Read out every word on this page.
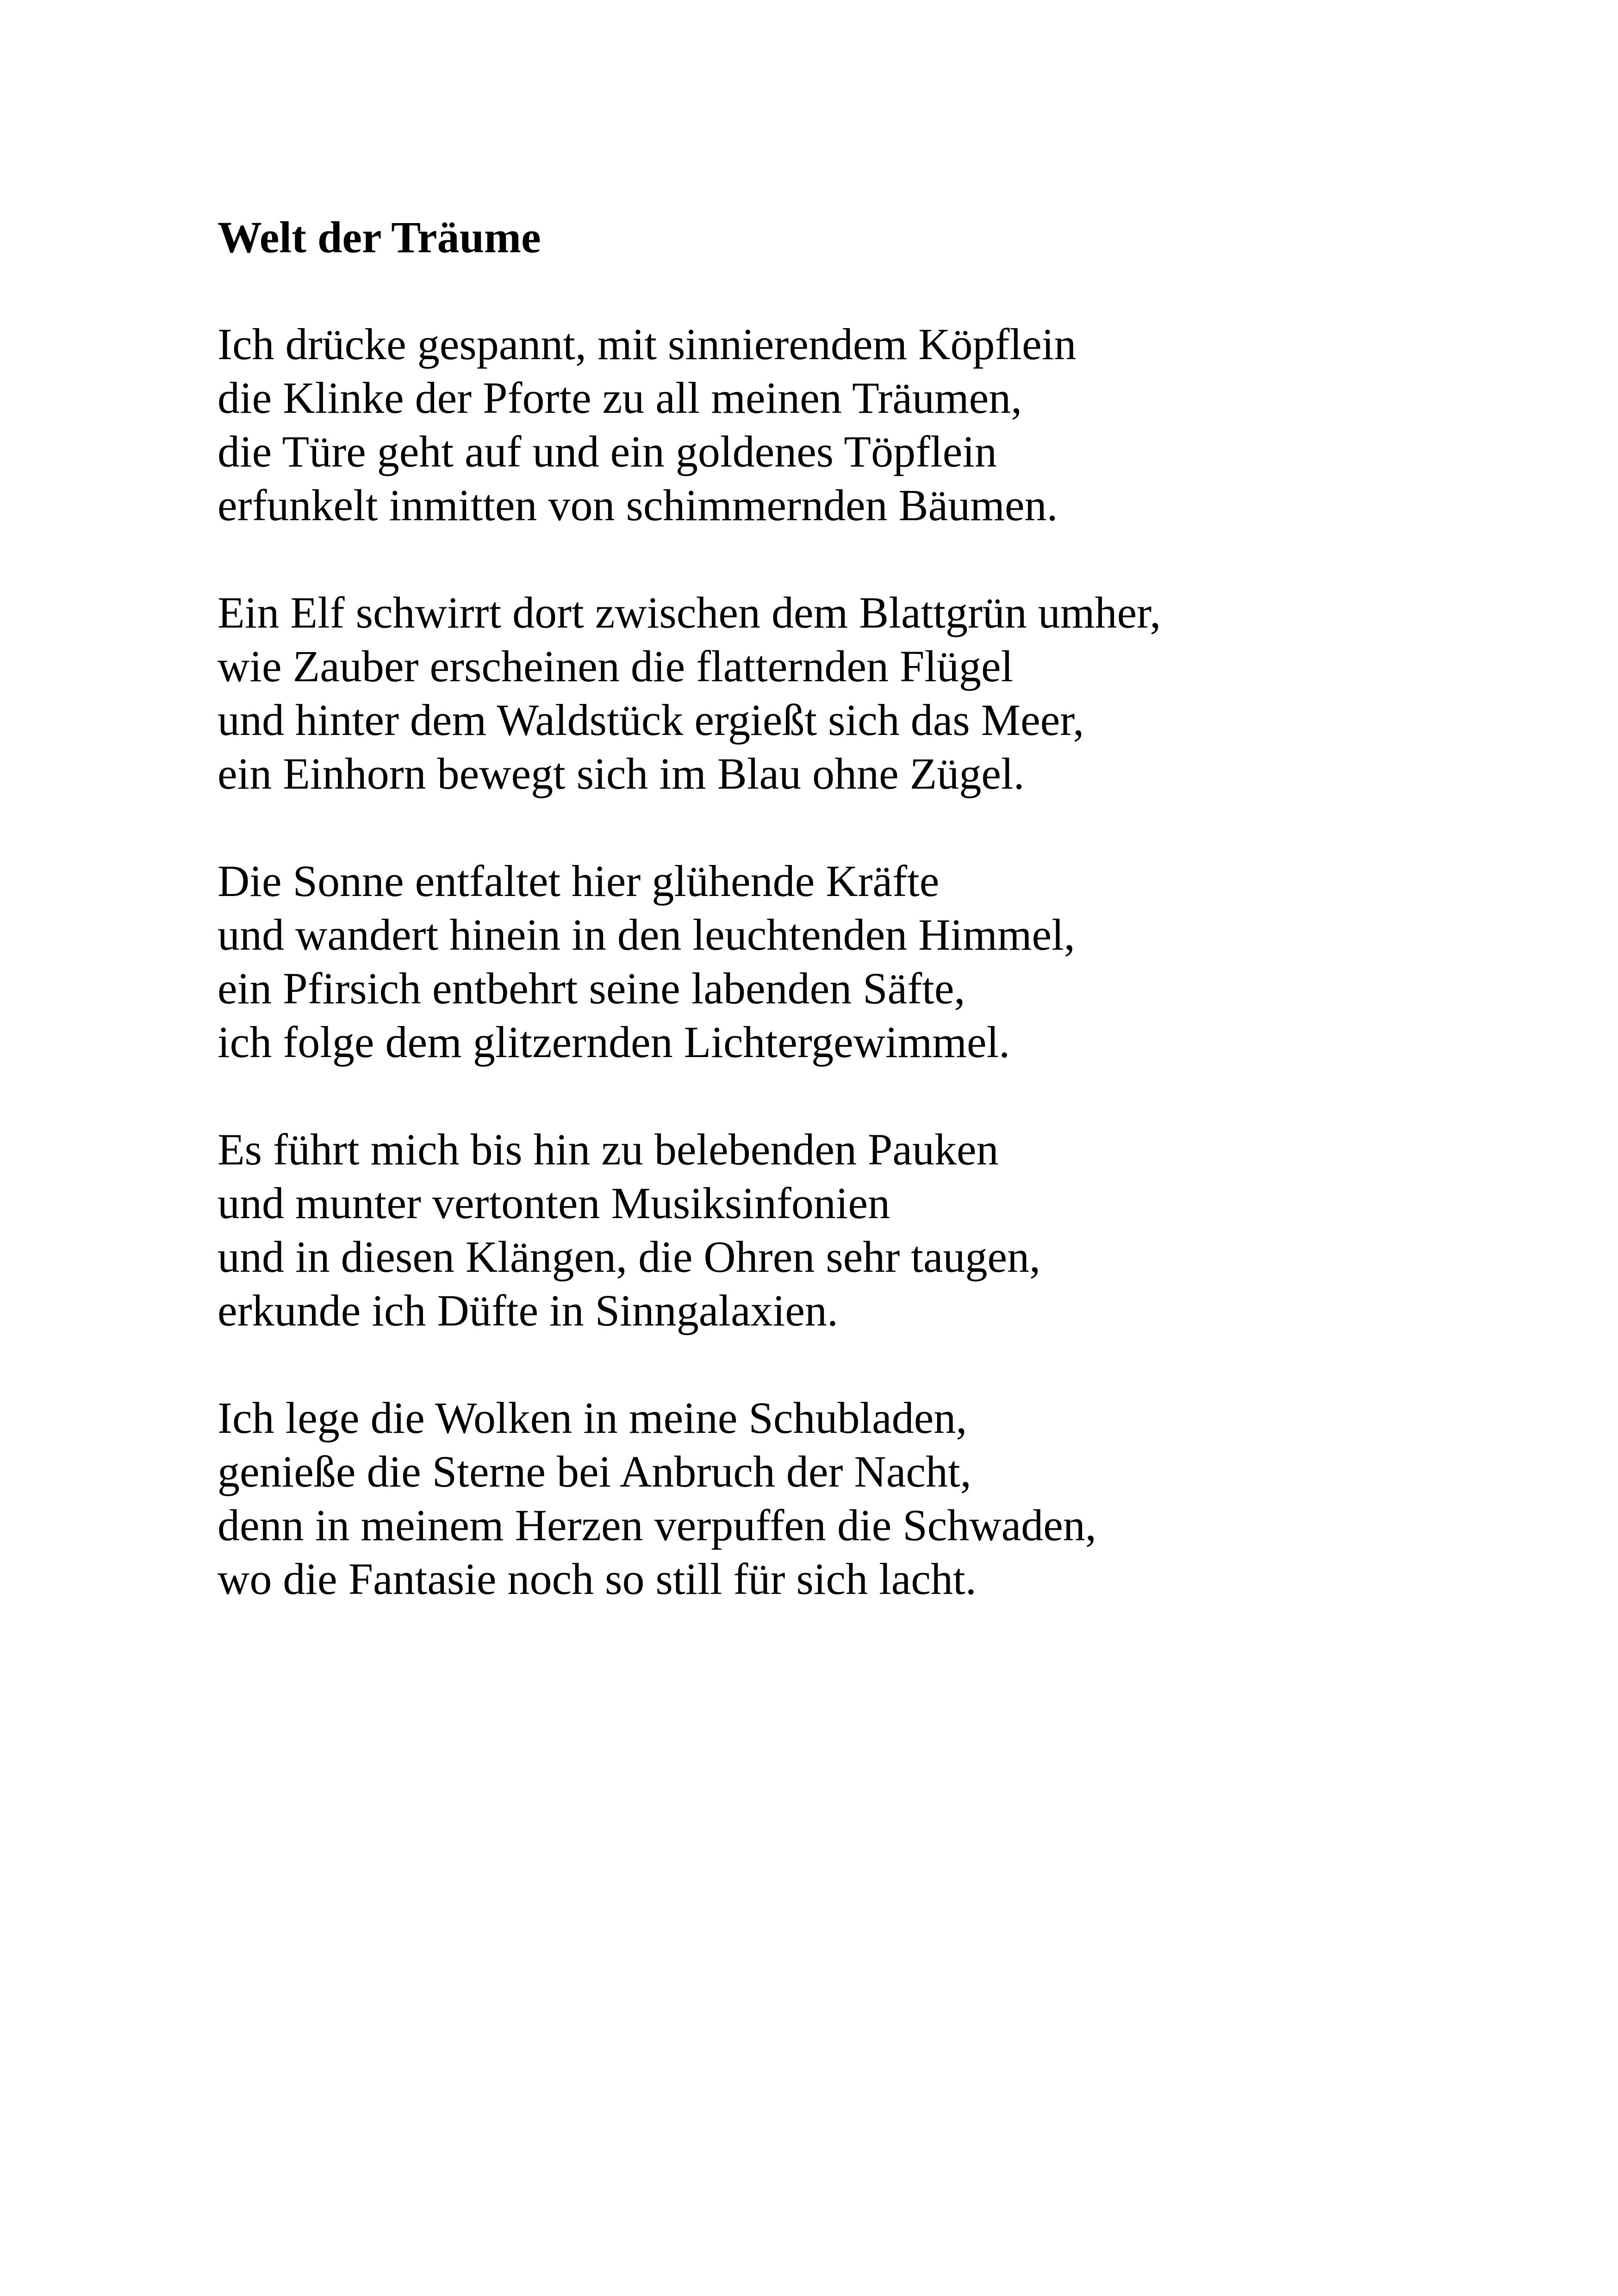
Welt der Träume
Ich drücke gespannt, mit sinnierendem Köpflein
die Klinke der Pforte zu all meinen Träumen,
die Türe geht auf und ein goldenes Töpflein
erfunkelt inmitten von schimmernden Bäumen.
Ein Elf schwirrt dort zwischen dem Blattgrün umher,
wie Zauber erscheinen die flatternden Flügel
und hinter dem Waldstück ergießt sich das Meer,
ein Einhorn bewegt sich im Blau ohne Zügel.
Die Sonne entfaltet hier glühende Kräfte
und wandert hinein in den leuchtenden Himmel,
ein Pfirsich entbehrt seine labenden Säfte,
ich folge dem glitzernden Lichtergewimmel.
Es führt mich bis hin zu belebenden Pauken
und munter vertonten Musiksinfonien
und in diesen Klängen, die Ohren sehr taugen,
erkunde ich Düfte in Sinngalaxien.
Ich lege die Wolken in meine Schubladen,
genieße die Sterne bei Anbruch der Nacht,
denn in meinem Herzen verpuffen die Schwaden,
wo die Fantasie noch so still für sich lacht.
